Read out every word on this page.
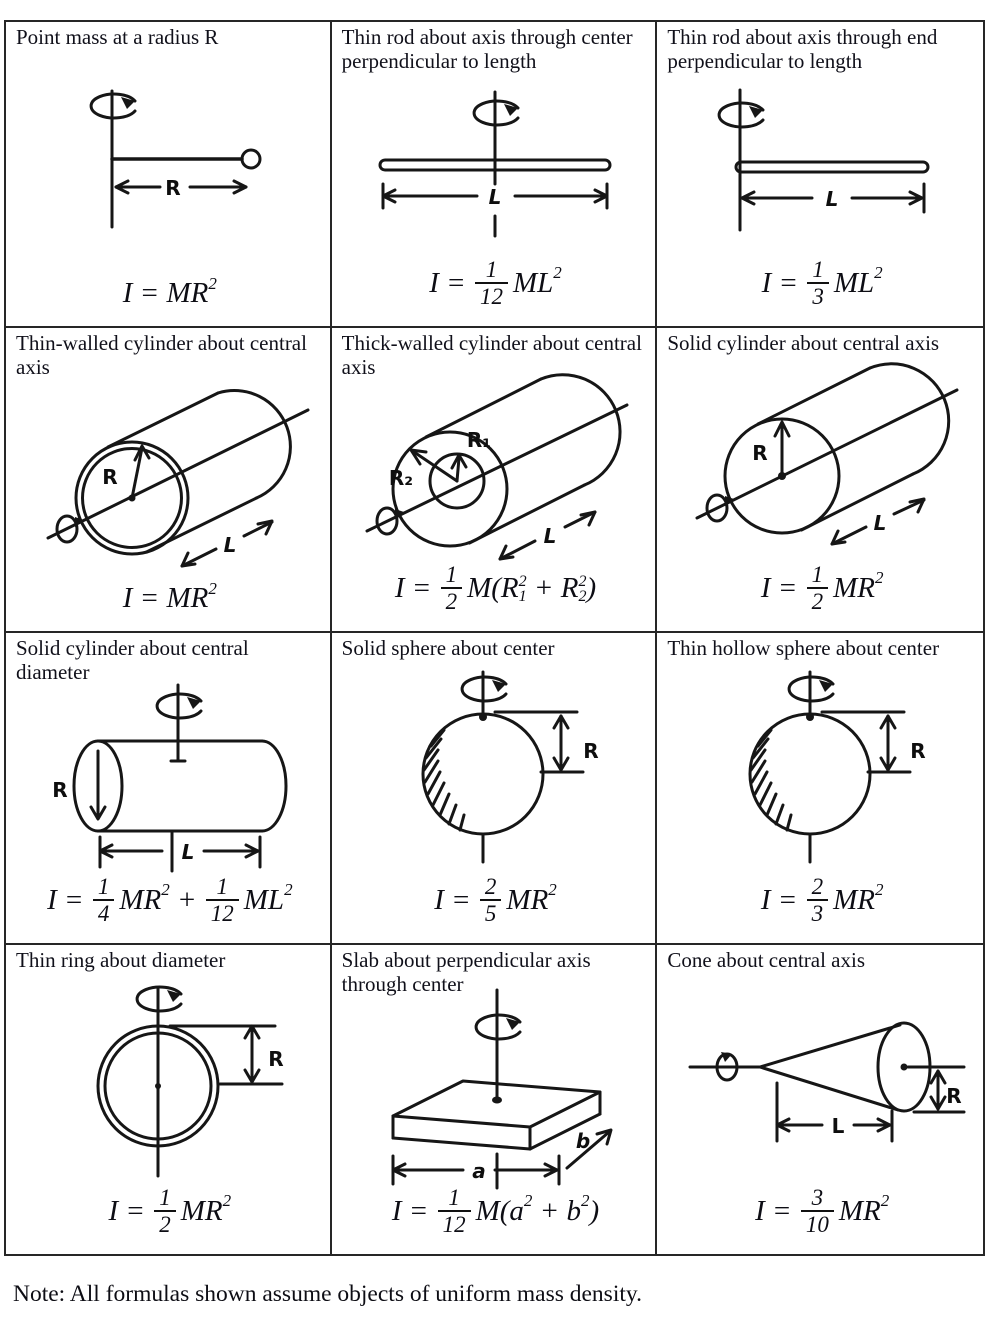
Point mass at a radius R
R
I = MR 2
Thin rod about axis through center perpendicular to length
L
$I = \frac{1}{12}$ ML 2
Thin rod about axis through end perpendicular to length
L
$I = \frac{1}{3}$ ML 2
Thin-walled cylinder about central axis
R
L
I = MR 2
Thick-walled cylinder about central axis
R₁
R₂
L
$I = \frac{1}{2} M(R$ 2
1 + R 2
2 )
Solid cylinder about central axis
R
L
$I = \frac{1}{2}$ MR 2
Solid cylinder about central diameter
R
L
$I = \frac{1}{4}$ MR $2 + \frac{1}{12}$ ML 2
Solid sphere about center
R
$I = \frac{2}{5}$ MR 2
Thin hollow sphere about center
R
$I = \frac{2}{3}$ MR 2
Thin ring about diameter
R
$I = \frac{1}{2}$ MR 2
Slab about perpendicular axis through center
a
b
$I = \frac{1}{12} M(a$ 2 + b 2 )
Cone about central axis
R
L
$I = \frac{3}{10}$ MR 2
Note: All formulas shown assume objects of uniform mass density.
